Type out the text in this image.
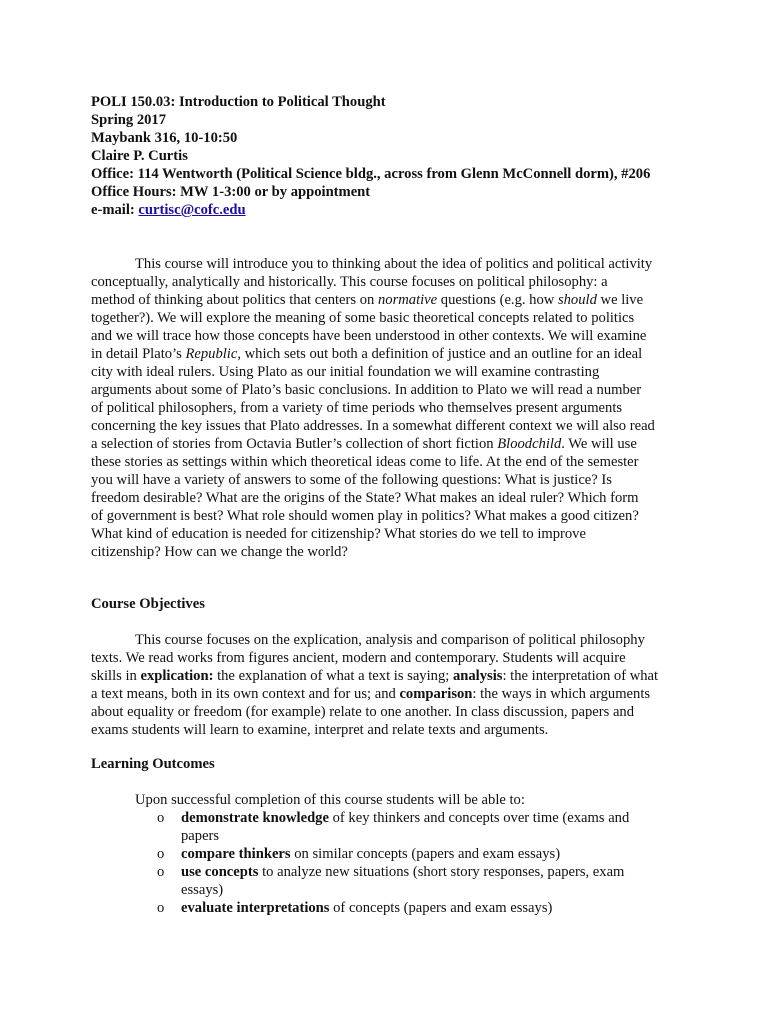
POLI 150.03: Introduction to Political Thought
Spring 2017
Maybank 316, 10-10:50
Claire P. Curtis
Office: 114 Wentworth (Political Science bldg., across from Glenn McConnell dorm), #206
Office Hours: MW 1-3:00 or by appointment
e-mail: curtisc@cofc.edu
This course will introduce you to thinking about the idea of politics and political activity
conceptually, analytically and historically. This course focuses on political philosophy: a
method of thinking about politics that centers on normative questions (e.g. how should we live
together?). We will explore the meaning of some basic theoretical concepts related to politics
and we will trace how those concepts have been understood in other contexts. We will examine
in detail Plato’s Republic, which sets out both a definition of justice and an outline for an ideal
city with ideal rulers. Using Plato as our initial foundation we will examine contrasting
arguments about some of Plato’s basic conclusions. In addition to Plato we will read a number
of political philosophers, from a variety of time periods who themselves present arguments
concerning the key issues that Plato addresses. In a somewhat different context we will also read
a selection of stories from Octavia Butler’s collection of short fiction Bloodchild. We will use
these stories as settings within which theoretical ideas come to life. At the end of the semester
you will have a variety of answers to some of the following questions: What is justice? Is
freedom desirable? What are the origins of the State? What makes an ideal ruler? Which form
of government is best? What role should women play in politics? What makes a good citizen?
What kind of education is needed for citizenship? What stories do we tell to improve
citizenship? How can we change the world?
Course Objectives
This course focuses on the explication, analysis and comparison of political philosophy
texts. We read works from figures ancient, modern and contemporary. Students will acquire
skills in explication: the explanation of what a text is saying; analysis: the interpretation of what
a text means, both in its own context and for us; and comparison: the ways in which arguments
about equality or freedom (for example) relate to one another. In class discussion, papers and
exams students will learn to examine, interpret and relate texts and arguments.
Learning Outcomes
Upon successful completion of this course students will be able to:
o demonstrate knowledge of key thinkers and concepts over time (exams and
papers
o compare thinkers on similar concepts (papers and exam essays)
o use concepts to analyze new situations (short story responses, papers, exam
essays)
o evaluate interpretations of concepts (papers and exam essays)
